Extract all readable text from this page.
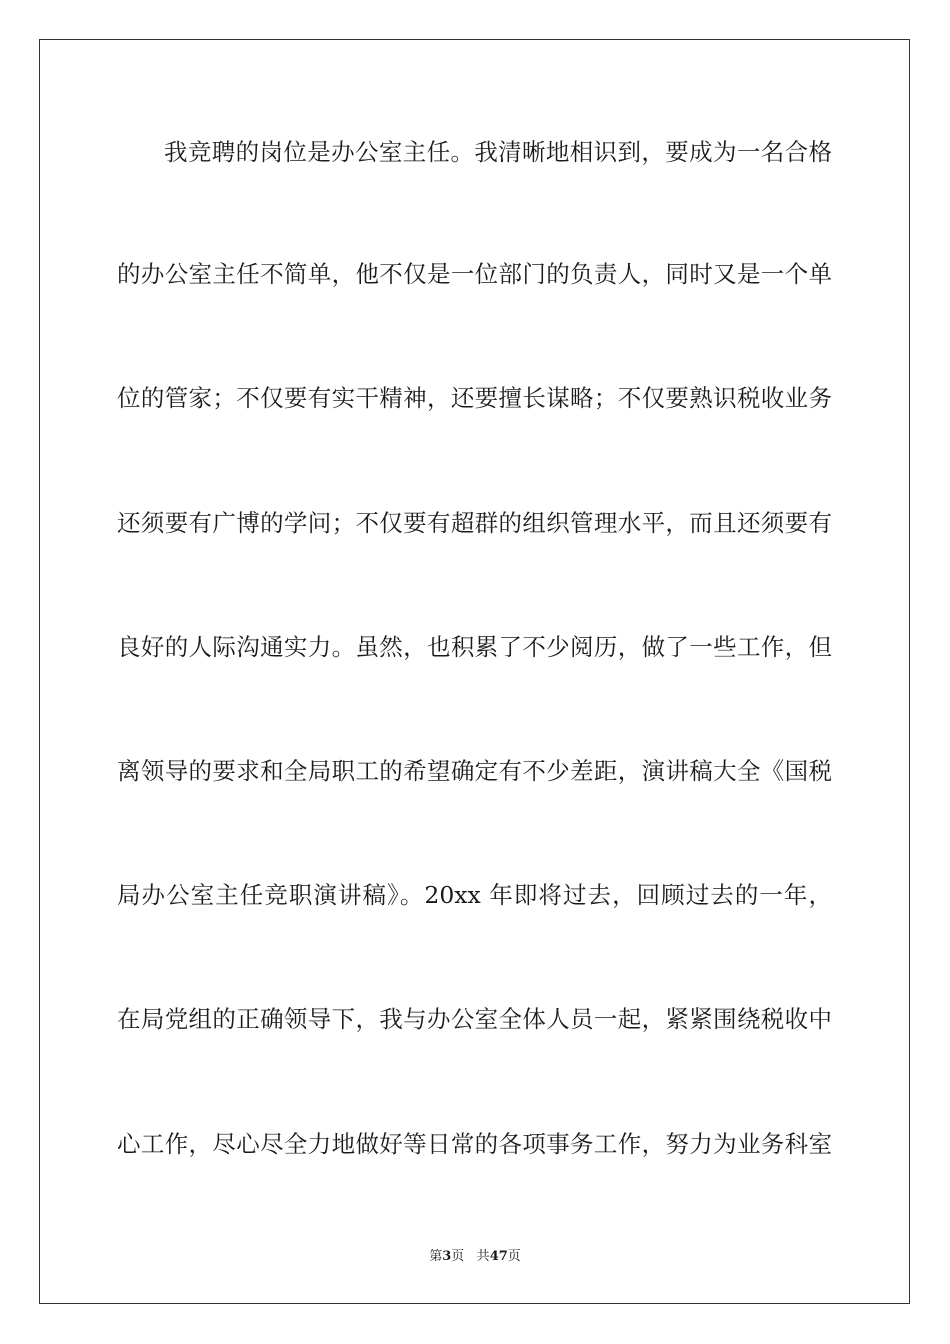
我竞聘的岗位是办公室主任。我清晰地相识到，要成为一名合格
的办公室主任不简单，他不仅是一位部门的负责人，同时又是一个单
位的管家；不仅要有实干精神，还要擅长谋略；不仅要熟识税收业务
还须要有广博的学问；不仅要有超群的组织管理水平，而且还须要有
良好的人际沟通实力。虽然，也积累了不少阅历，做了一些工作，但
离领导的要求和全局职工的希望确定有不少差距，演讲稿大全《国税
局办公室主任竞职演讲稿》。20xx 年即将过去，回顾过去的一年，
在局党组的正确领导下，我与办公室全体人员一起，紧紧围绕税收中
心工作，尽心尽全力地做好等日常的各项事务工作，努力为业务科室
第3页 共47页
